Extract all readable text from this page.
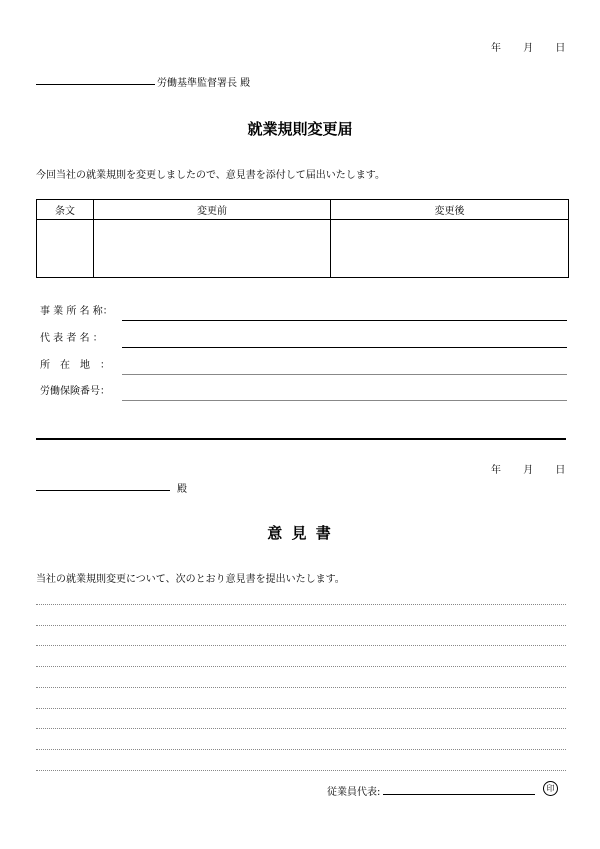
年 月 日
労働基準監督署長 殿
就業規則変更届
今回当社の就業規則を変更しましたので、意見書を添付して届出いたします。
条文	変更前	変更後

事 業 所 名 称：
代 表 者 名 ：
所　在　地　：
労働保険番号：
年 月 日
殿
意 見 書
当社の就業規則変更について、次のとおり意見書を提出いたします。
従業員代表:	印
